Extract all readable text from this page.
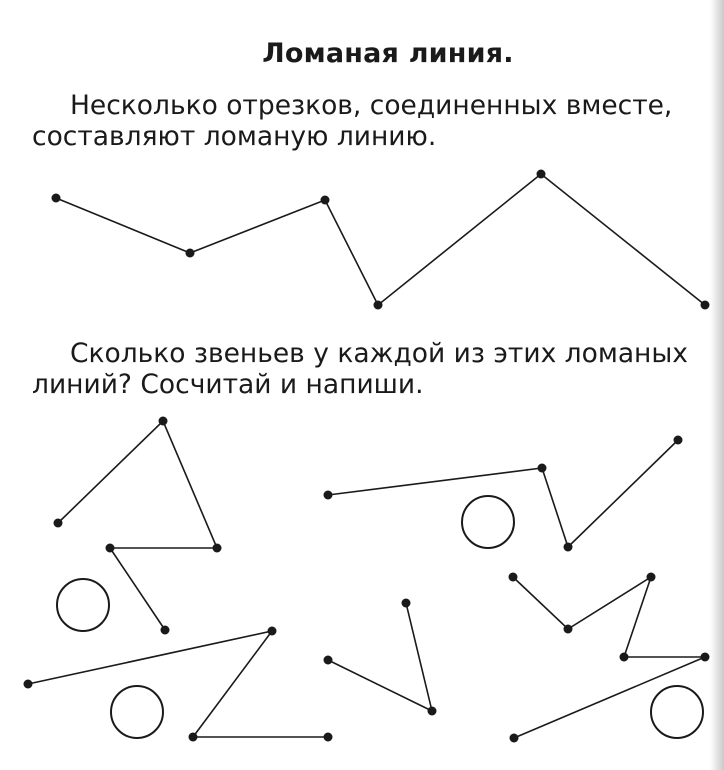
Ломаная линия.

Несколько отрезков, соединенных вместе, составляют ломаную линию.

Сколько звеньев у каждой из этих ломаных линий? Сосчитай и напиши.
